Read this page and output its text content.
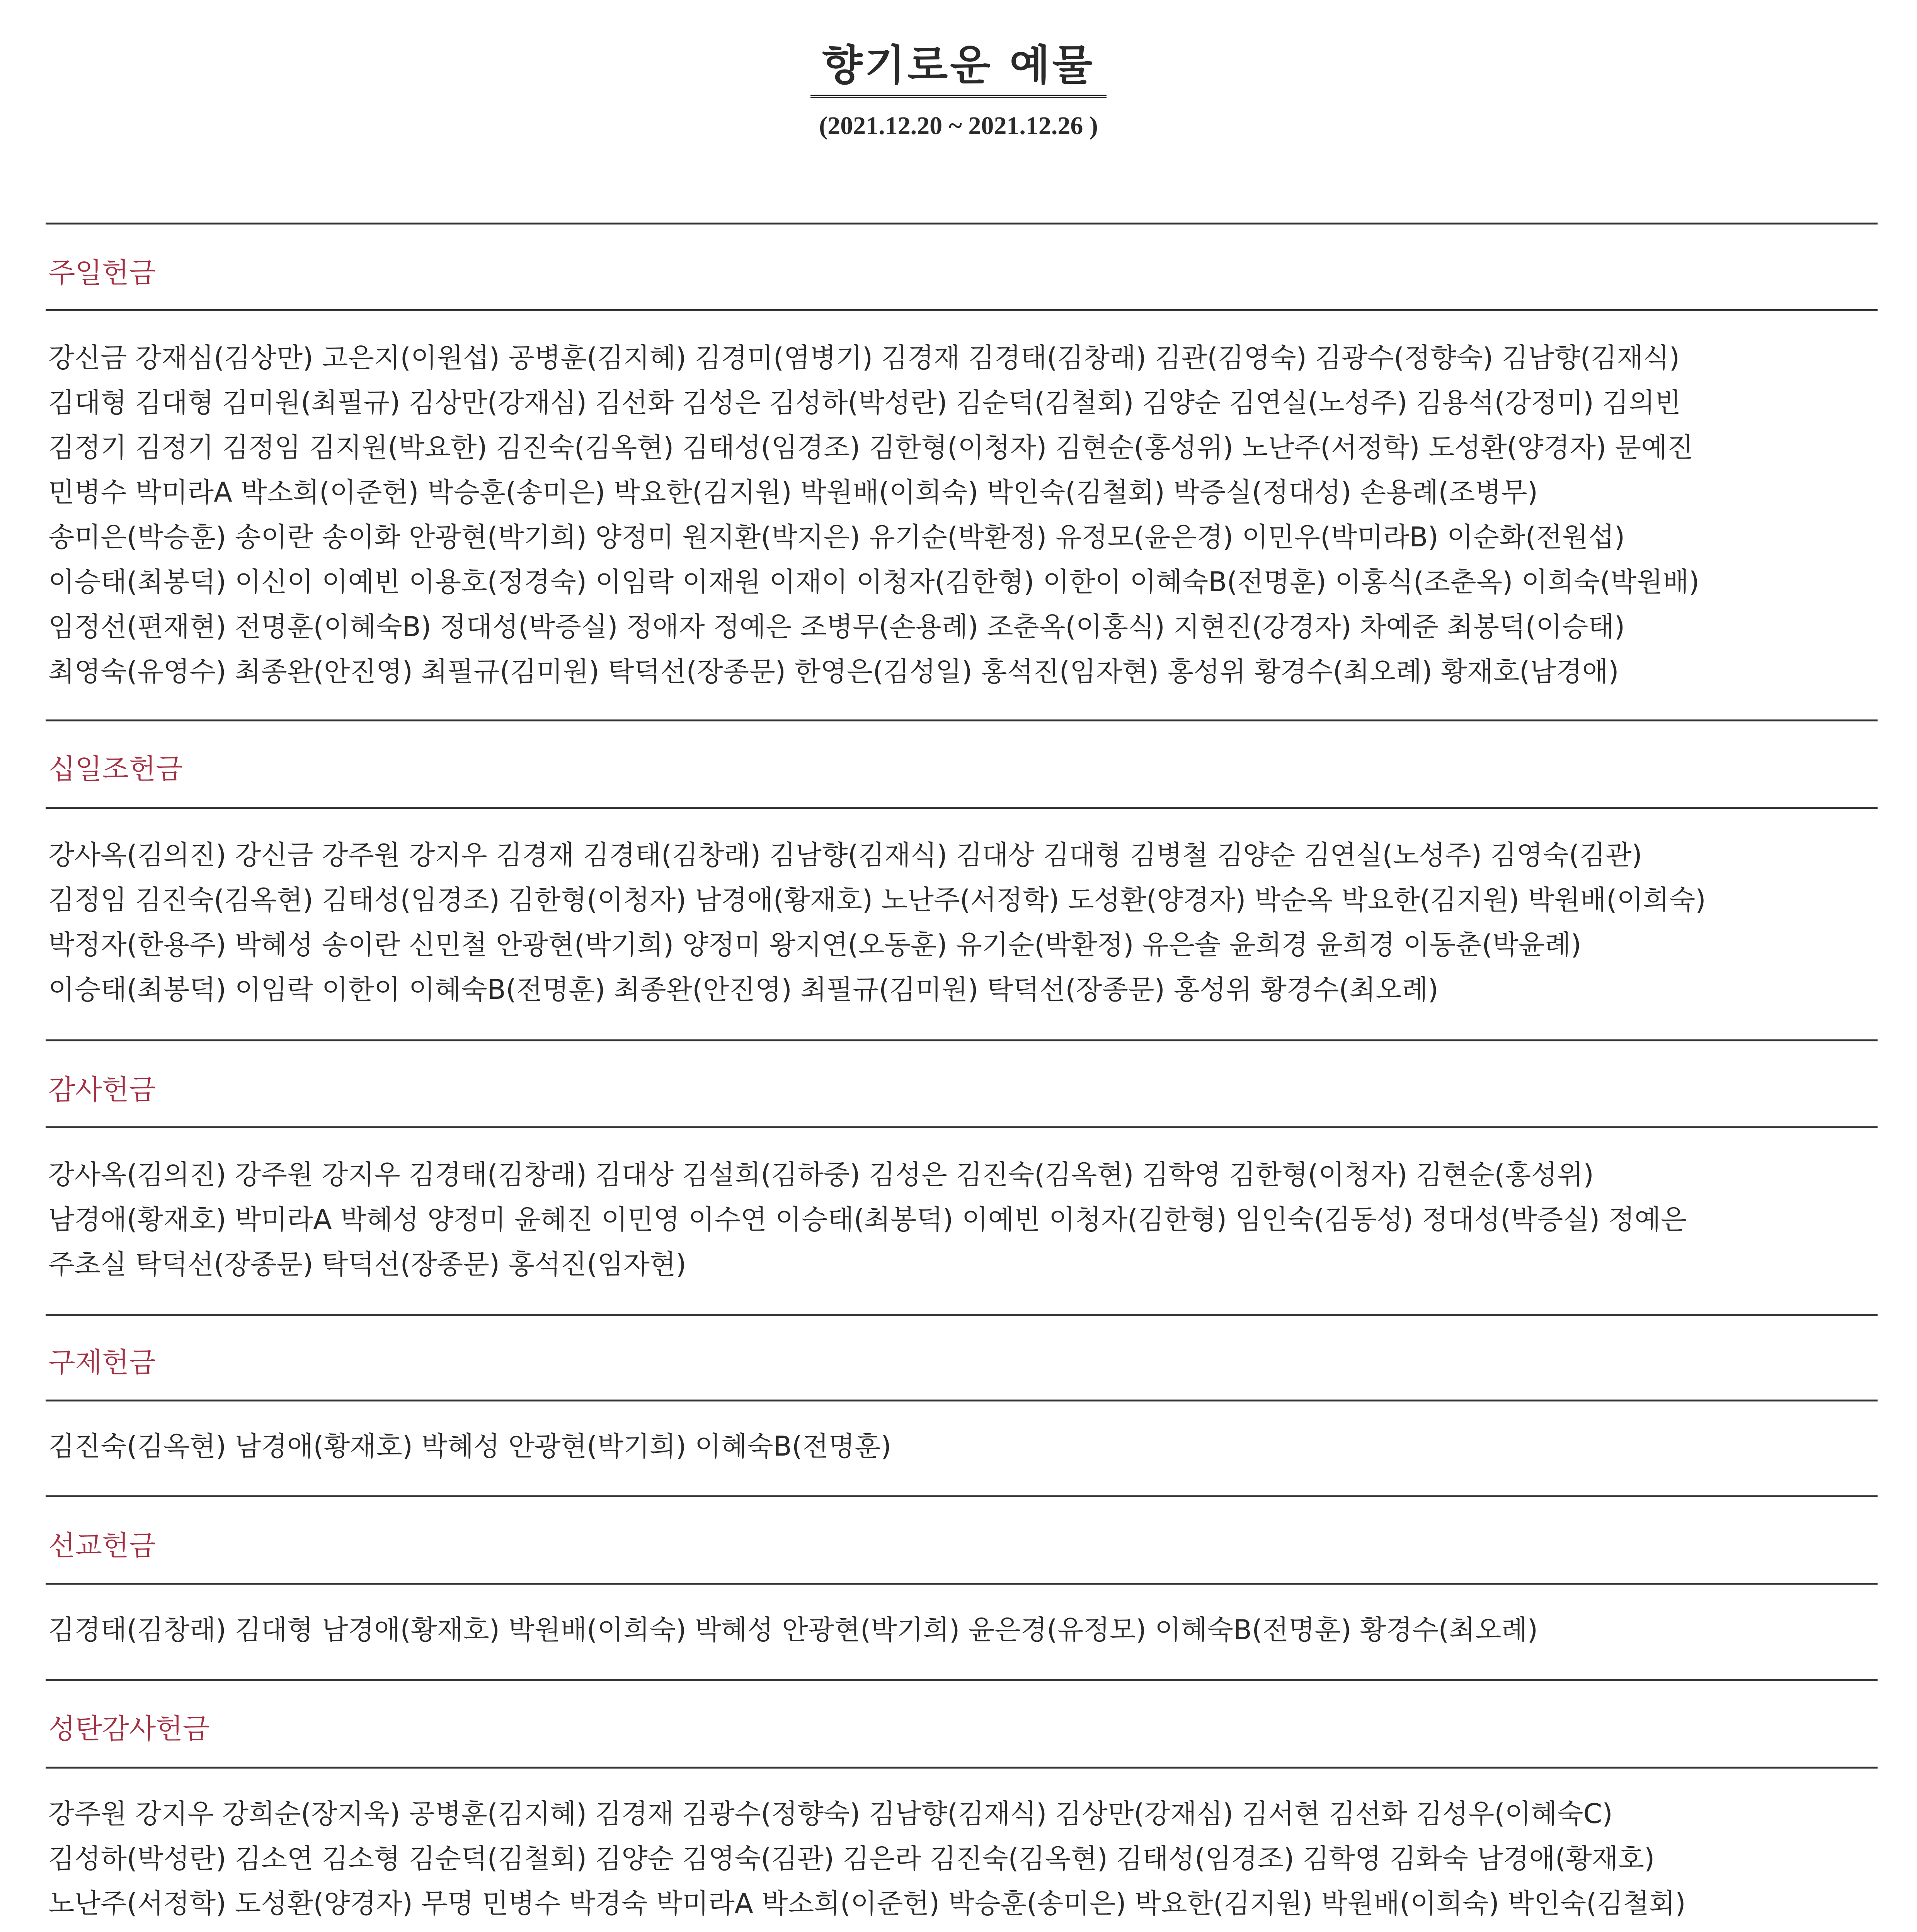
향기로운 예물
(2021.12.20 ~ 2021.12.26 )
주일헌금
강신금 강재심(김상만) 고은지(이원섭) 공병훈(김지혜) 김경미(염병기) 김경재 김경태(김창래) 김관(김영숙) 김광수(정향숙) 김남향(김재식)
김대형 김대형 김미원(최필규) 김상만(강재심) 김선화 김성은 김성하(박성란) 김순덕(김철회) 김양순 김연실(노성주) 김용석(강정미) 김의빈
김정기 김정기 김정임 김지원(박요한) 김진숙(김옥현) 김태성(임경조) 김한형(이청자) 김현순(홍성위) 노난주(서정학) 도성환(양경자) 문예진
민병수 박미라A 박소희(이준헌) 박승훈(송미은) 박요한(김지원) 박원배(이희숙) 박인숙(김철회) 박증실(정대성) 손용례(조병무)
송미은(박승훈) 송이란 송이화 안광현(박기희) 양정미 원지환(박지은) 유기순(박환정) 유정모(윤은경) 이민우(박미라B) 이순화(전원섭)
이승태(최봉덕) 이신이 이예빈 이용호(정경숙) 이임락 이재원 이재이 이청자(김한형) 이한이 이혜숙B(전명훈) 이홍식(조춘옥) 이희숙(박원배)
임정선(편재현) 전명훈(이혜숙B) 정대성(박증실) 정애자 정예은 조병무(손용례) 조춘옥(이홍식) 지현진(강경자) 차예준 최봉덕(이승태)
최영숙(유영수) 최종완(안진영) 최필규(김미원) 탁덕선(장종문) 한영은(김성일) 홍석진(임자현) 홍성위 황경수(최오례) 황재호(남경애)
십일조헌금
강사옥(김의진) 강신금 강주원 강지우 김경재 김경태(김창래) 김남향(김재식) 김대상 김대형 김병철 김양순 김연실(노성주) 김영숙(김관)
김정임 김진숙(김옥현) 김태성(임경조) 김한형(이청자) 남경애(황재호) 노난주(서정학) 도성환(양경자) 박순옥 박요한(김지원) 박원배(이희숙)
박정자(한용주) 박혜성 송이란 신민철 안광현(박기희) 양정미 왕지연(오동훈) 유기순(박환정) 유은솔 윤희경 윤희경 이동춘(박윤례)
이승태(최봉덕) 이임락 이한이 이혜숙B(전명훈) 최종완(안진영) 최필규(김미원) 탁덕선(장종문) 홍성위 황경수(최오례)
감사헌금
강사옥(김의진) 강주원 강지우 김경태(김창래) 김대상 김설희(김하중) 김성은 김진숙(김옥현) 김학영 김한형(이청자) 김현순(홍성위)
남경애(황재호) 박미라A 박혜성 양정미 윤혜진 이민영 이수연 이승태(최봉덕) 이예빈 이청자(김한형) 임인숙(김동성) 정대성(박증실) 정예은
주초실 탁덕선(장종문) 탁덕선(장종문) 홍석진(임자현)
구제헌금
김진숙(김옥현) 남경애(황재호) 박혜성 안광현(박기희) 이혜숙B(전명훈)
선교헌금
김경태(김창래) 김대형 남경애(황재호) 박원배(이희숙) 박혜성 안광현(박기희) 윤은경(유정모) 이혜숙B(전명훈) 황경수(최오례)
성탄감사헌금
강주원 강지우 강희순(장지욱) 공병훈(김지혜) 김경재 김광수(정향숙) 김남향(김재식) 김상만(강재심) 김서현 김선화 김성우(이혜숙C)
김성하(박성란) 김소연 김소형 김순덕(김철회) 김양순 김영숙(김관) 김은라 김진숙(김옥현) 김태성(임경조) 김학영 김화숙 남경애(황재호)
노난주(서정학) 도성환(양경자) 무명 민병수 박경숙 박미라A 박소희(이준헌) 박승훈(송미은) 박요한(김지원) 박원배(이희숙) 박인숙(김철회)
